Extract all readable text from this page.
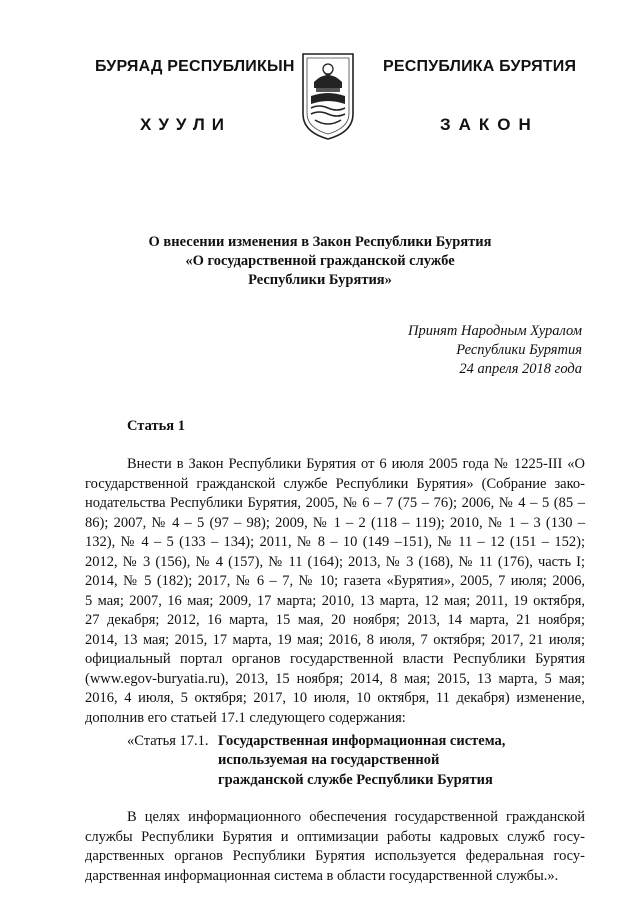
БУРЯАД РЕСПУБЛИКЫН
ХУУЛИ
РЕСПУБЛИКА БУРЯТИЯ
ЗАКОН
О внесении изменения в Закон Республики Бурятия
«О государственной гражданской службе
Республики Бурятия»
Принят Народным Хуралом
Республики Бурятия
24 апреля 2018 года
Статья 1
Внести в Закон Республики Бурятия от 6 июля 2005 года № 1225-III «О
государственной гражданской службе Республики Бурятия» (Собрание зако-
нодательства Республики Бурятия, 2005, № 6 – 7 (75 – 76); 2006, № 4 – 5 (85 –
86); 2007, № 4 – 5 (97 – 98); 2009, № 1 – 2 (118 – 119); 2010, № 1 – 3 (130 –
132), № 4 – 5 (133 – 134); 2011, № 8 – 10 (149 –151), № 11 – 12 (151 – 152);
2012, № 3 (156), № 4 (157), № 11 (164); 2013, № 3 (168), № 11 (176), часть I;
2014, № 5 (182); 2017, № 6 – 7, № 10; газета «Бурятия», 2005, 7 июля; 2006,
5 мая; 2007, 16 мая; 2009, 17 марта; 2010, 13 марта, 12 мая; 2011, 19 октября,
27 декабря; 2012, 16 марта, 15 мая, 20 ноября; 2013, 14 марта, 21 ноября;
2014, 13 мая; 2015, 17 марта, 19 мая; 2016, 8 июля, 7 октября; 2017, 21 июля;
официальный портал органов государственной власти Республики Бурятия
(www.egov-buryatia.ru), 2013, 15 ноября; 2014, 8 мая; 2015, 13 марта, 5 мая;
2016, 4 июля, 5 октября; 2017, 10 июля, 10 октября, 11 декабря) изменение,
дополнив его статьей 17.1 следующего содержания:
«Статья 17.1. Государственная информационная система,
используемая на государственной
гражданской службе Республики Бурятия
В целях информационного обеспечения государственной гражданской
службы Республики Бурятия и оптимизации работы кадровых служб госу-
дарственных органов Республики Бурятия используется федеральная госу-
дарственная информационная система в области государственной службы.».
